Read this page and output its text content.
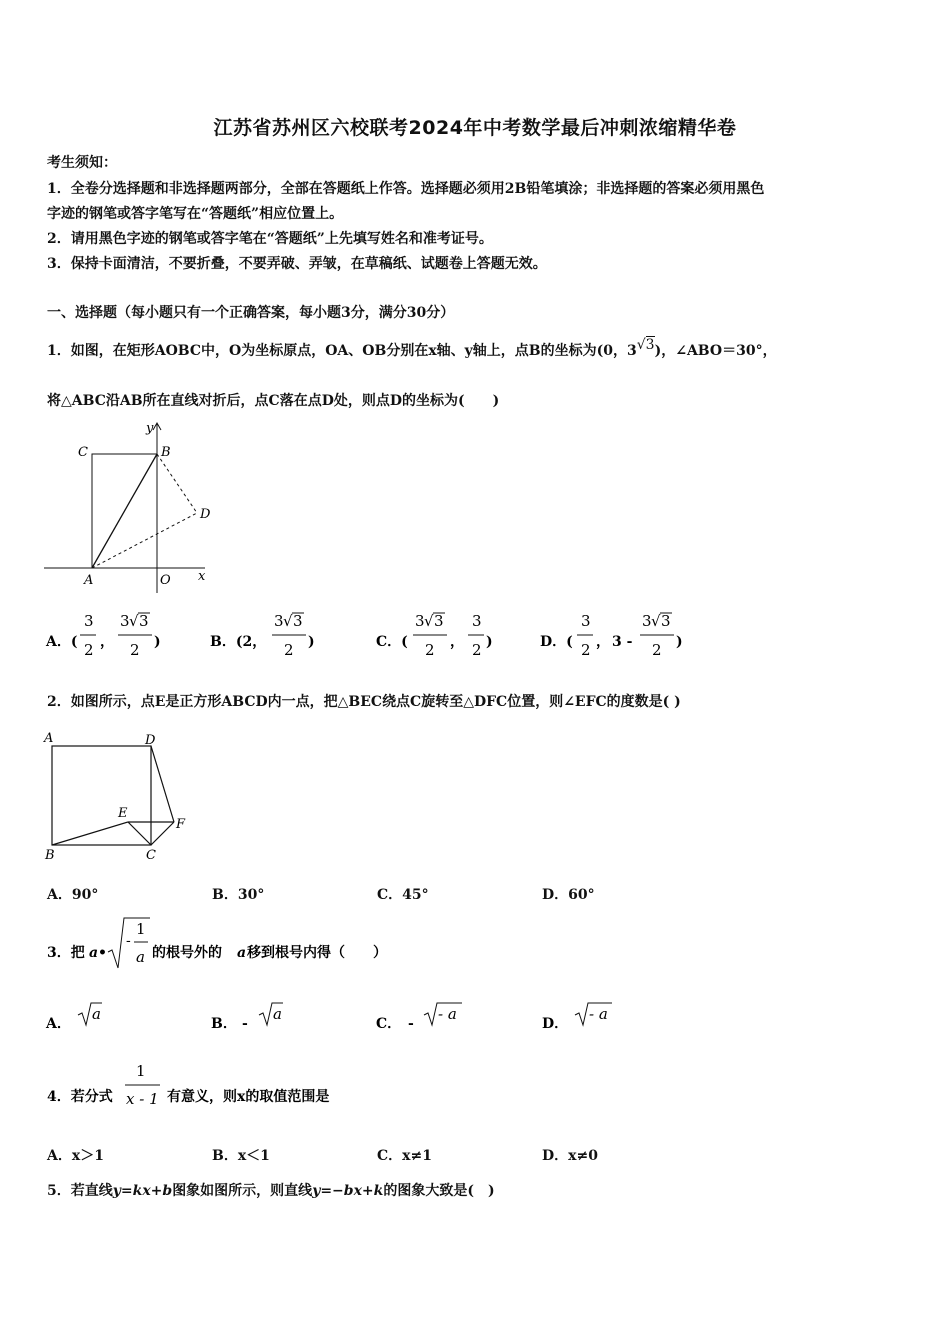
江苏省苏州区六校联考2024年中考数学最后冲刺浓缩精华卷
考生须知：
1．全卷分选择题和非选择题两部分，全部在答题纸上作答。选择题必须用2B铅笔填涂；非选择题的答案必须用黑色
字迹的钢笔或答字笔写在“答题纸”相应位置上。
2．请用黑色字迹的钢笔或答字笔在“答题纸”上先填写姓名和准考证号。
3．保持卡面清洁，不要折叠，不要弄破、弄皱，在草稿纸、试题卷上答题无效。
一、选择题（每小题只有一个正确答案，每小题3分，满分30分）
1．如图，在矩形AOBC中，O为坐标原点，OA、OB分别在x轴、y轴上，点B的坐标为(0，3√3)，∠ABO＝30°，
将△ABC沿AB所在直线对折后，点C落在点D处，则点D的坐标为(　　)
C	B
D
A	O x
y
A．(
3
2 ，
3 √ 3
2 )	B．(2，
3 √ 3
2 )	C．(
3 √ 3
2 ，
3
2 )	D．(
3
2 ， 3 -
3 √ 3
2 )
2．如图所示，点E是正方形ABCD内一点，把△BEC绕点C旋转至△DFC位置，则∠EFC的度数是( )
A	D
E
F
B	C
A．90°	B．30°	C．45°	D．60°
3．把 a •
-
1
a 的根号外的 a 移到根号内得（　　）
A．
a
B． -
a
C． -
- a
D．
- a
4．若分式
1
x - 1 有意义，则x的取值范围是
A．x＞1	B．x＜1	C．x≠1	D．x≠0
5．若直线y=kx+b图象如图所示，则直线y=−bx+k的图象大致是(　)
